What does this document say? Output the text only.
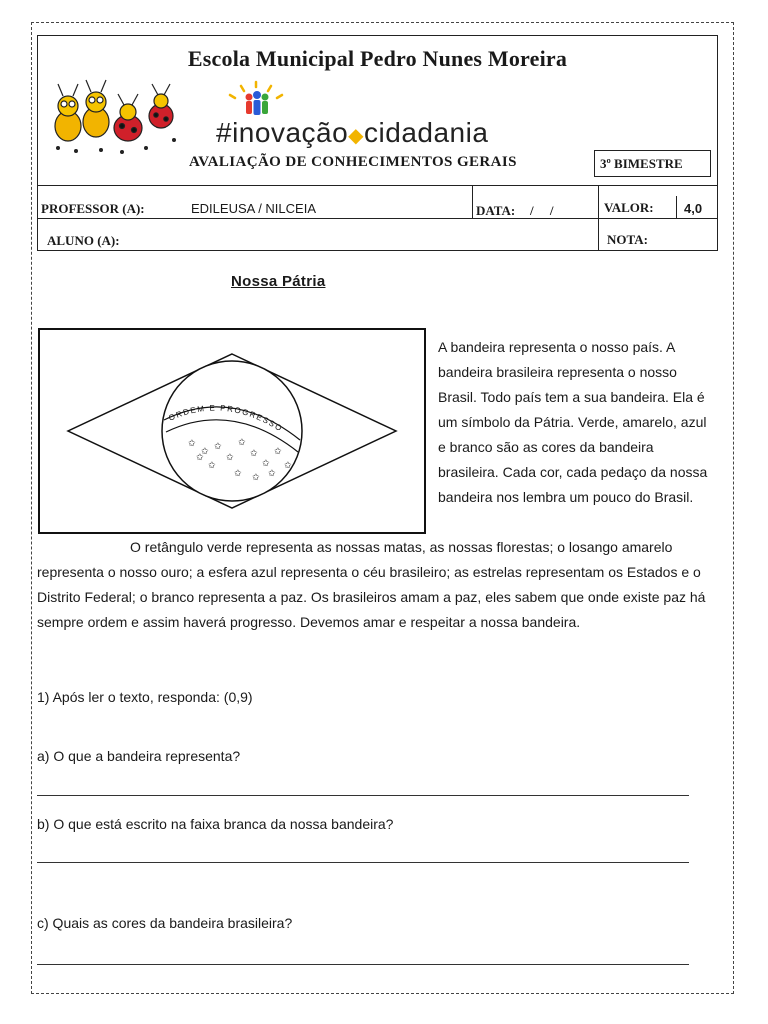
Escola Municipal Pedro Nunes Moreira
#inovação◆cidadania
AVALIAÇÃO DE CONHECIMENTOS GERAIS	3º BIMESTRE
PROFESSOR (A):	EDILEUSA / NILCEIA	DATA: /     /	VALOR: 4,0
ALUNO (A):	NOTA:
Nossa Pátria
ORDEM E PROGRESSO
✩
✩ ✩
✩
✩
✩
✩
✩
✩
✩ ✩ ✩
✩
✩
A bandeira representa o nosso país. A bandeira brasileira representa o nosso Brasil. Todo país tem a sua bandeira. Ela é um símbolo da Pátria. Verde, amarelo, azul e branco são as cores da bandeira brasileira. Cada cor, cada pedaço da nossa bandeira nos lembra um pouco do Brasil.
O retângulo verde representa as nossas matas, as nossas florestas; o losango amarelo representa o nosso ouro; a esfera azul representa o céu brasileiro; as estrelas representam os Estados e o Distrito Federal; o branco representa a paz. Os brasileiros amam a paz, eles sabem que onde existe paz há sempre ordem e assim haverá progresso. Devemos amar e respeitar a nossa bandeira.
1) Após ler o texto, responda: (0,9)
a) O que a bandeira representa?
b) O que está escrito na faixa branca da nossa bandeira?
c) Quais as cores da bandeira brasileira?
